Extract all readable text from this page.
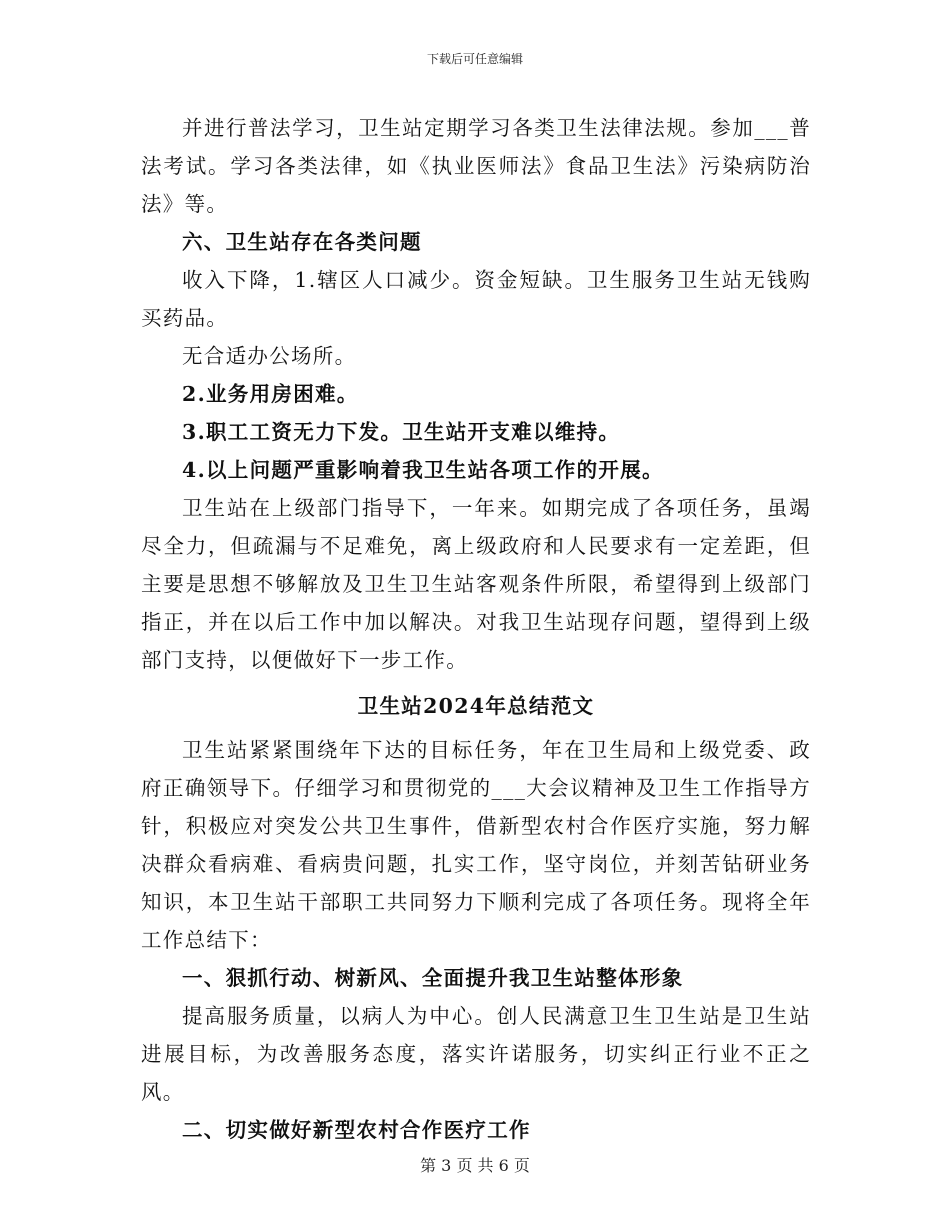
下载后可任意编辑

并进行普法学习，卫生站定期学习各类卫生法律法规。参加___普法考试。学习各类法律，如《执业医师法》食品卫生法》污染病防治法》等。

六、卫生站存在各类问题

收入下降，1.辖区人口减少。资金短缺。卫生服务卫生站无钱购买药品。

无合适办公场所。

2.业务用房困难。

3.职工工资无力下发。卫生站开支难以维持。

4.以上问题严重影响着我卫生站各项工作的开展。

卫生站在上级部门指导下，一年来。如期完成了各项任务，虽竭尽全力，但疏漏与不足难免，离上级政府和人民要求有一定差距，但主要是思想不够解放及卫生卫生站客观条件所限，希望得到上级部门指正，并在以后工作中加以解决。对我卫生站现存问题，望得到上级部门支持，以便做好下一步工作。

卫生站2024年总结范文

卫生站紧紧围绕年下达的目标任务，年在卫生局和上级党委、政府正确领导下。仔细学习和贯彻党的___大会议精神及卫生工作指导方针，积极应对突发公共卫生事件，借新型农村合作医疗实施，努力解决群众看病难、看病贵问题，扎实工作，坚守岗位，并刻苦钻研业务知识，本卫生站干部职工共同努力下顺利完成了各项任务。现将全年工作总结下：

一、狠抓行动、树新风、全面提升我卫生站整体形象

提高服务质量，以病人为中心。创人民满意卫生卫生站是卫生站进展目标，为改善服务态度，落实许诺服务，切实纠正行业不正之风。

二、切实做好新型农村合作医疗工作

第 3 页 共 6 页
